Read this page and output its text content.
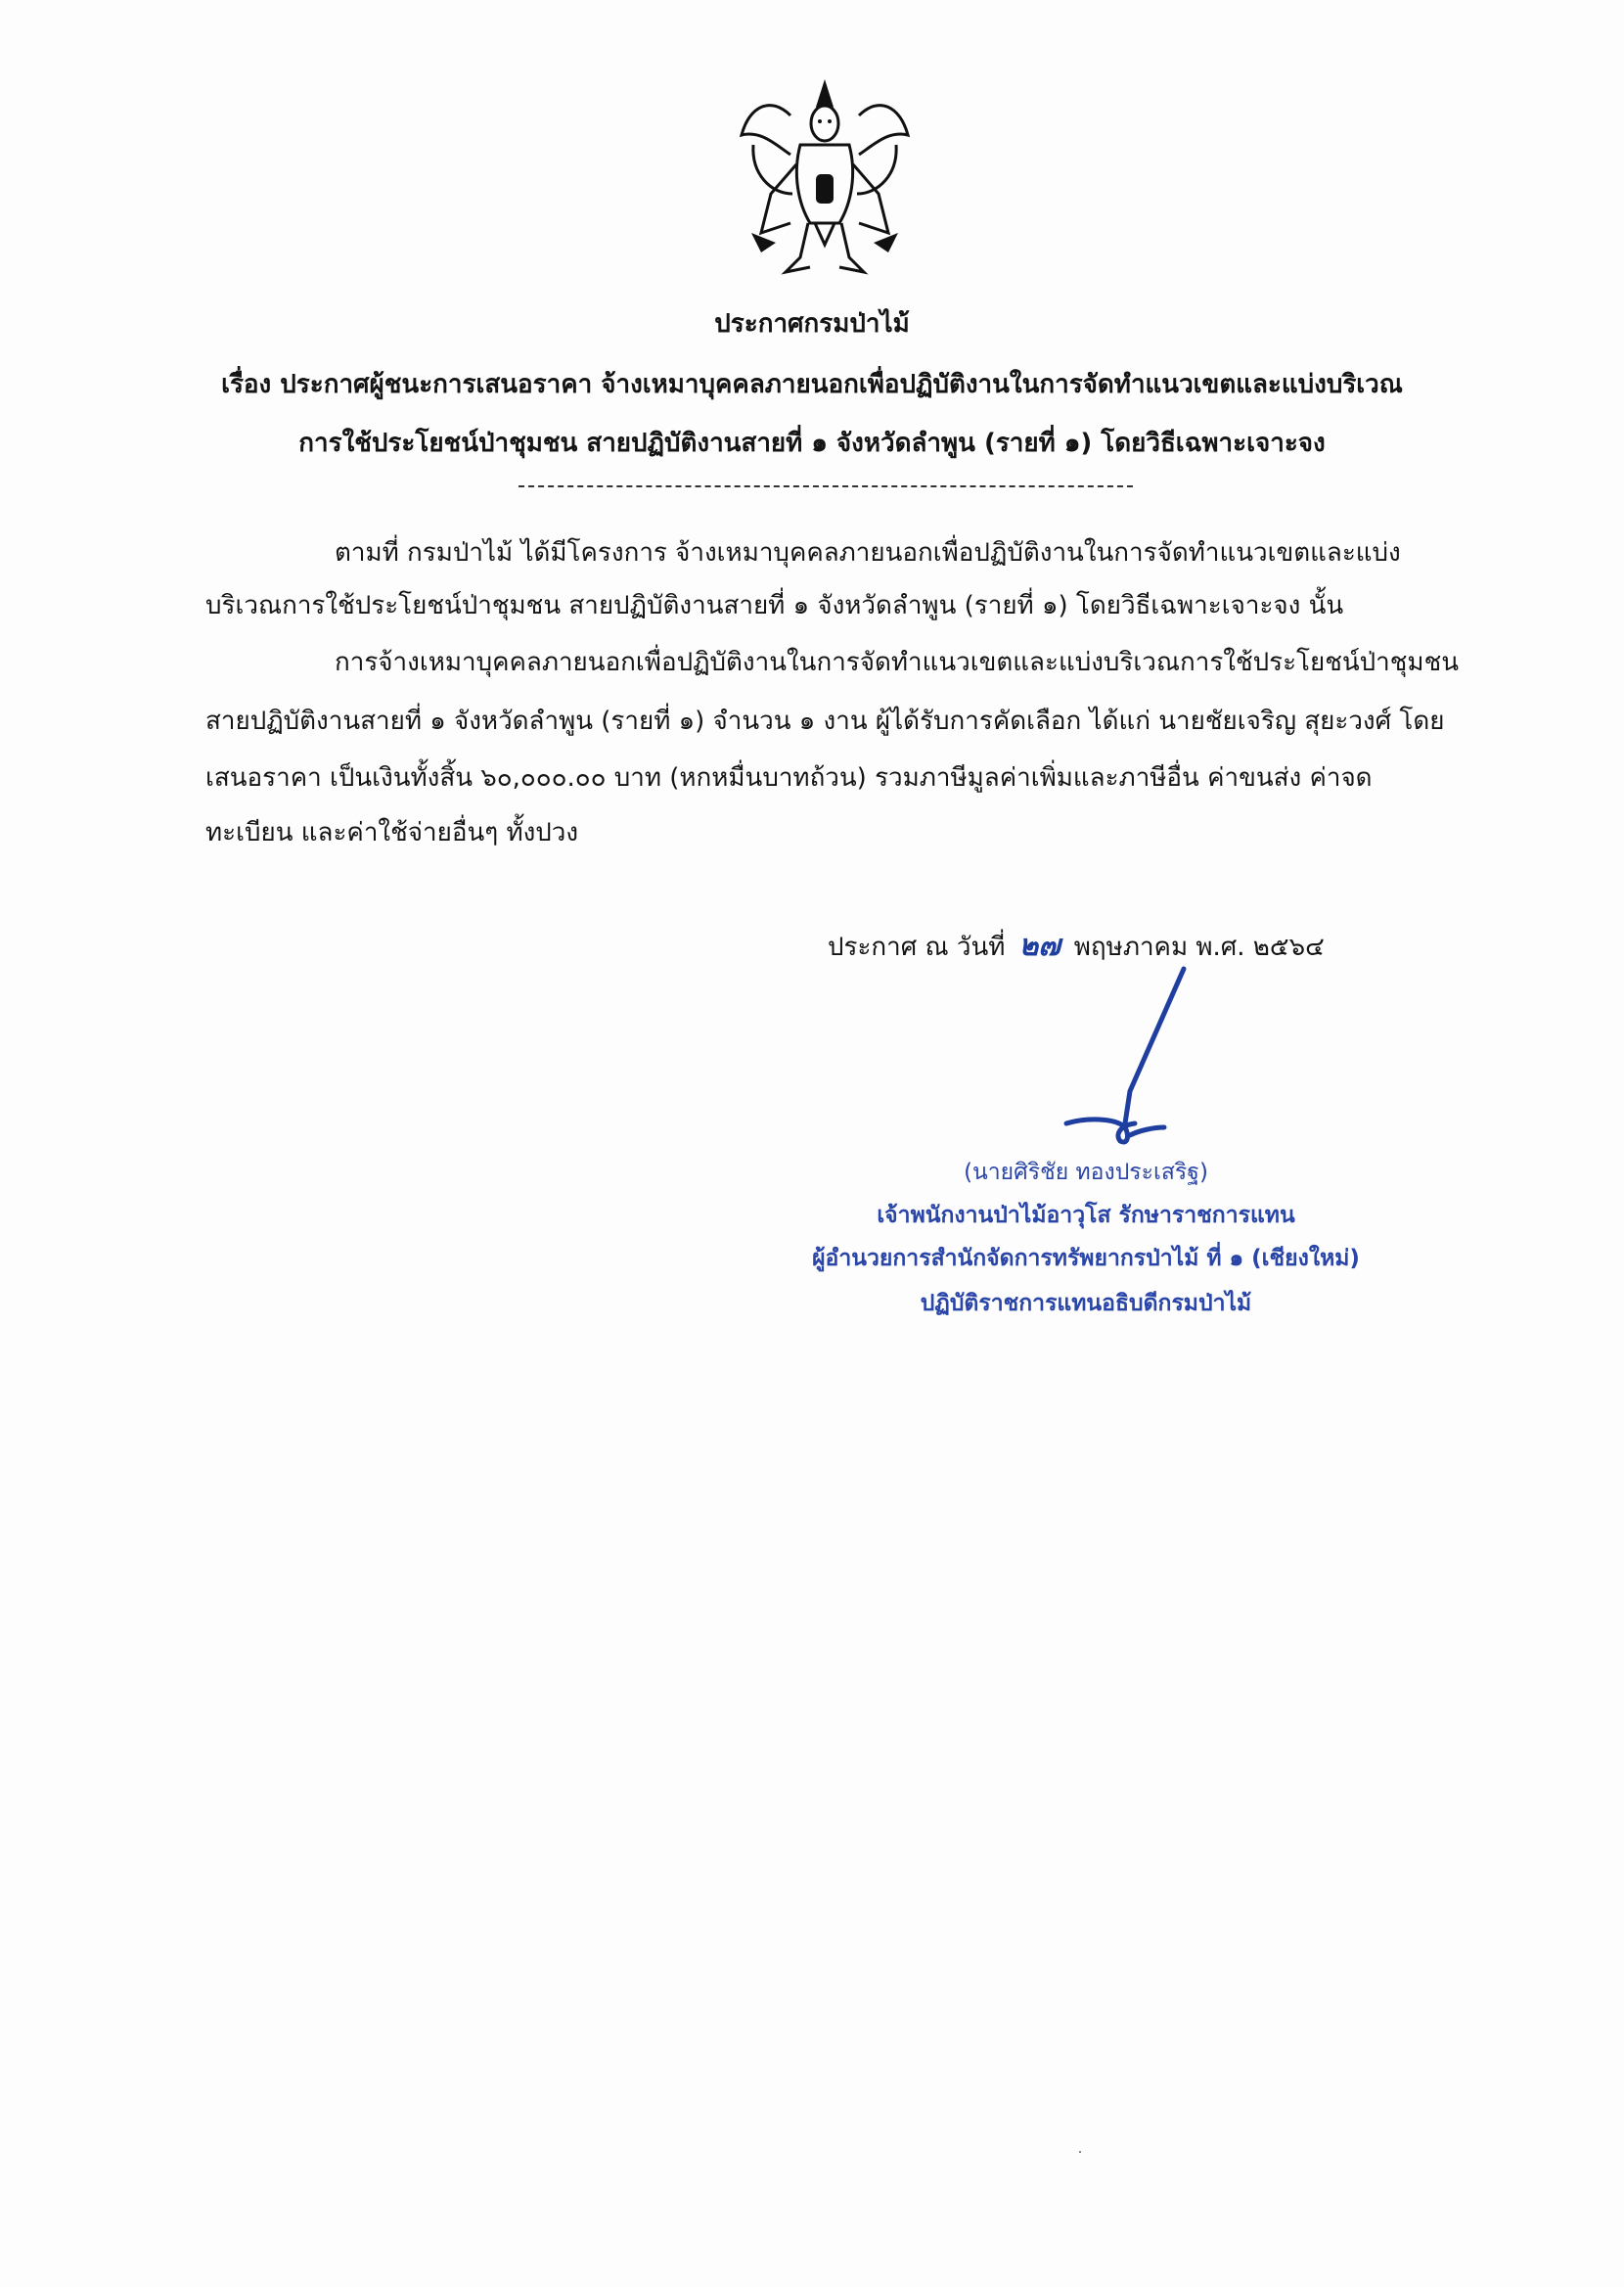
ประกาศกรมป่าไม้
เรื่อง ประกาศผู้ชนะการเสนอราคา จ้างเหมาบุคคลภายนอกเพื่อปฏิบัติงานในการจัดทำแนวเขตและแบ่งบริเวณ
การใช้ประโยชน์ป่าชุมชน สายปฏิบัติงานสายที่ ๑ จังหวัดลำพูน (รายที่ ๑) โดยวิธีเฉพาะเจาะจง
ตามที่ กรมป่าไม้ ได้มีโครงการ จ้างเหมาบุคคลภายนอกเพื่อปฏิบัติงานในการจัดทำแนวเขตและแบ่ง
บริเวณการใช้ประโยชน์ป่าชุมชน สายปฏิบัติงานสายที่ ๑ จังหวัดลำพูน (รายที่ ๑) โดยวิธีเฉพาะเจาะจง นั้น
การจ้างเหมาบุคคลภายนอกเพื่อปฏิบัติงานในการจัดทำแนวเขตและแบ่งบริเวณการใช้ประโยชน์ป่าชุมชน
สายปฏิบัติงานสายที่ ๑ จังหวัดลำพูน (รายที่ ๑) จำนวน ๑ งาน ผู้ได้รับการคัดเลือก ได้แก่ นายชัยเจริญ สุยะวงศ์ โดย
เสนอราคา เป็นเงินทั้งสิ้น ๖๐,๐๐๐.๐๐ บาท (หกหมื่นบาทถ้วน) รวมภาษีมูลค่าเพิ่มและภาษีอื่น ค่าขนส่ง ค่าจด
ทะเบียน และค่าใช้จ่ายอื่นๆ ทั้งปวง
ประกาศ ณ วันที่ ๒๗ พฤษภาคม พ.ศ. ๒๕๖๔
(นายศิริชัย ทองประเสริฐ)
เจ้าพนักงานป่าไม้อาวุโส รักษาราชการแทน
ผู้อำนวยการสำนักจัดการทรัพยากรป่าไม้ ที่ ๑ (เชียงใหม่)
ปฏิบัติราชการแทนอธิบดีกรมป่าไม้
